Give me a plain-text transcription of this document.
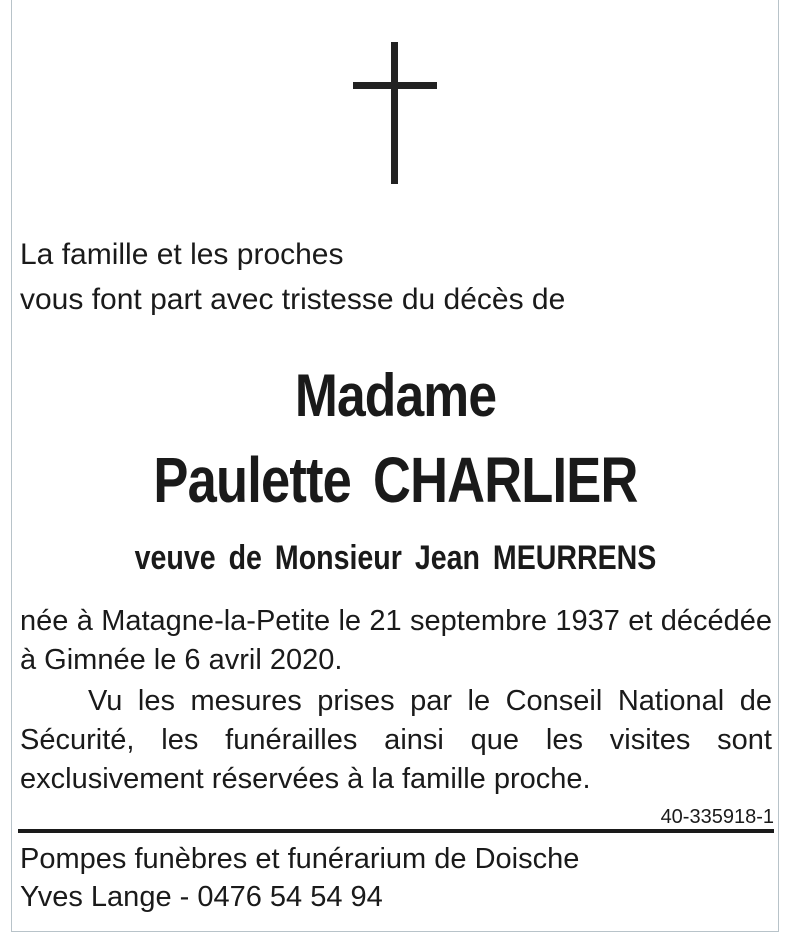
La famille et les proches
vous font part avec tristesse du décès de
Madame
Paulette CHARLIER
veuve de Monsieur Jean MEURRENS
née à Matagne-la-Petite le 21 septembre 1937 et décédée à Gimnée le 6 avril 2020.
Vu les mesures prises par le Conseil National de Sécurité, les funérailles ainsi que les visites sont exclusivement réservées à la famille proche.
40-335918-1
Pompes funèbres et funérarium de Doische
Yves Lange - 0476 54 54 94
